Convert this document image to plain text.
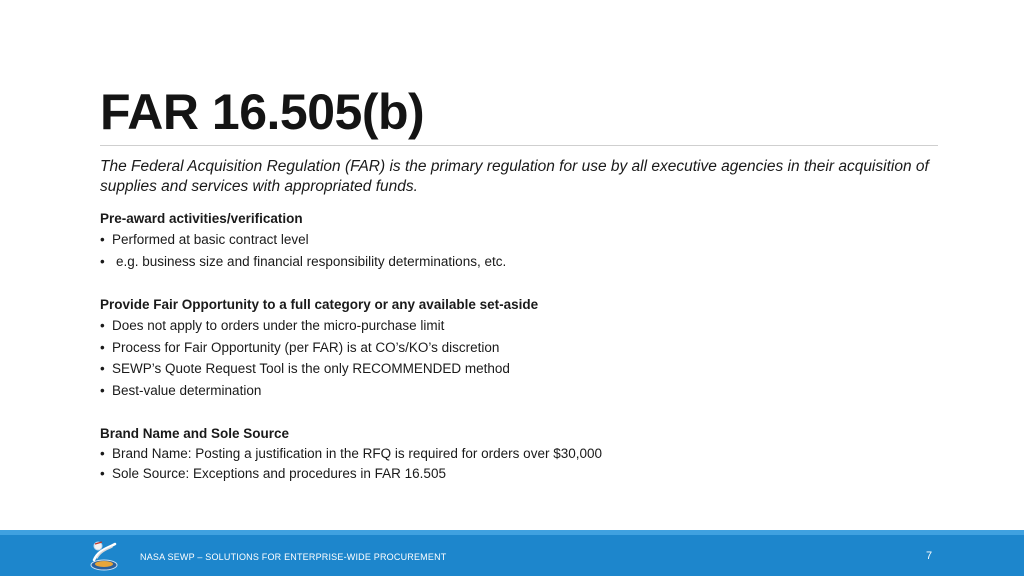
FAR 16.505(b)
The Federal Acquisition Regulation (FAR) is the primary regulation for use by all executive agencies in their acquisition of supplies and services with appropriated funds.
Pre-award activities/verification
• Performed at basic contract level
• e.g. business size and financial responsibility determinations, etc.
Provide Fair Opportunity to a full category or any available set-aside
• Does not apply to orders under the micro-purchase limit
• Process for Fair Opportunity (per FAR) is at CO’s/KO’s discretion
• SEWP’s Quote Request Tool is the only RECOMMENDED method
• Best-value determination
Brand Name and Sole Source
• Brand Name: Posting a justification in the RFQ is required for orders over $30,000
• Sole Source: Exceptions and procedures in FAR 16.505
NASA SEWP – SOLUTIONS FOR ENTERPRISE-WIDE PROCUREMENT	7
